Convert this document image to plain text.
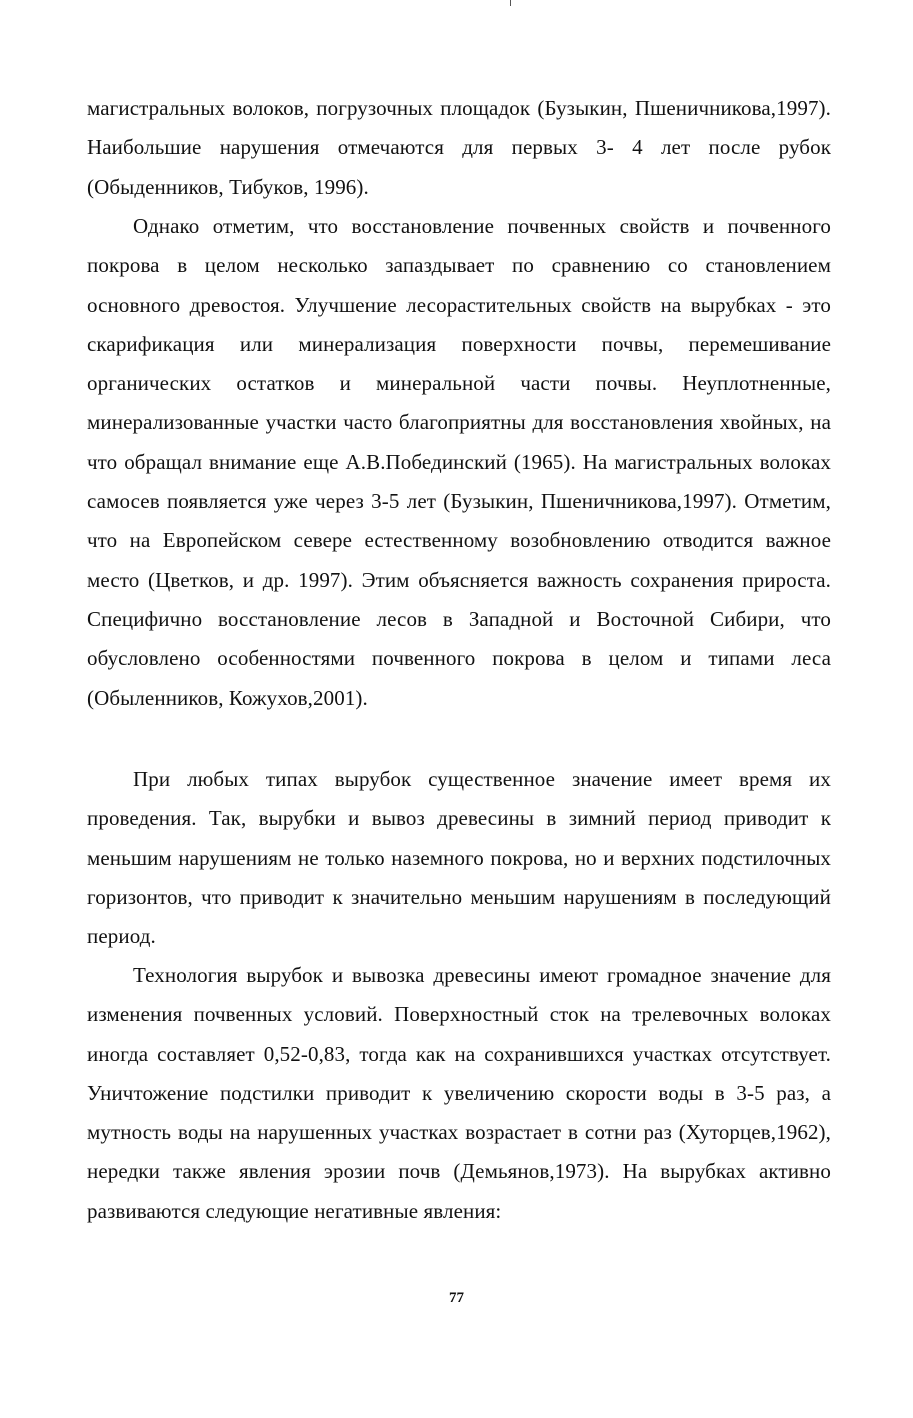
магистральных волоков, погрузочных площадок (Бузыкин, Пшеничникова,1997). Наибольшие нарушения отмечаются для первых 3- 4 лет после рубок (Обыденников, Тибуков, 1996).

Однако отметим, что восстановление почвенных свойств и почвенного покрова в целом несколько запаздывает по сравнению со становлением основного древостоя. Улучшение лесорастительных свойств на вырубках - это скарификация или минерализация поверхности почвы, перемешивание органических остатков и минеральной части почвы. Неуплотненные, минерализованные участки часто благоприятны для восстановления хвойных, на что обращал внимание еще А.В.Побединский (1965). На магистральных волоках самосев появляется уже через 3-5 лет (Бузыкин, Пшеничникова,1997). Отметим, что на Европейском севере естественному возобновлению отводится важное место (Цветков, и др. 1997). Этим объясняется важность сохранения прироста. Специфично восстановление лесов в Западной и Восточной Сибири, что обусловлено особенностями почвенного покрова в целом и типами леса (Обыленников, Кожухов,2001).

При любых типах вырубок существенное значение имеет время их проведения. Так, вырубки и вывоз древесины в зимний период приводит к меньшим нарушениям не только наземного покрова, но и верхних подстилочных горизонтов, что приводит к значительно меньшим нарушениям в последующий период.

Технология вырубок и вывозка древесины имеют громадное значение для изменения почвенных условий. Поверхностный сток на трелевочных волоках иногда составляет 0,52-0,83, тогда как на сохранившихся участках отсутствует. Уничтожение подстилки приводит к увеличению скорости воды в 3-5 раз, а мутность воды на нарушенных участках возрастает в сотни раз (Хуторцев,1962), нередки также явления эрозии почв (Демьянов,1973). На вырубках активно развиваются следующие негативные явления:

77
